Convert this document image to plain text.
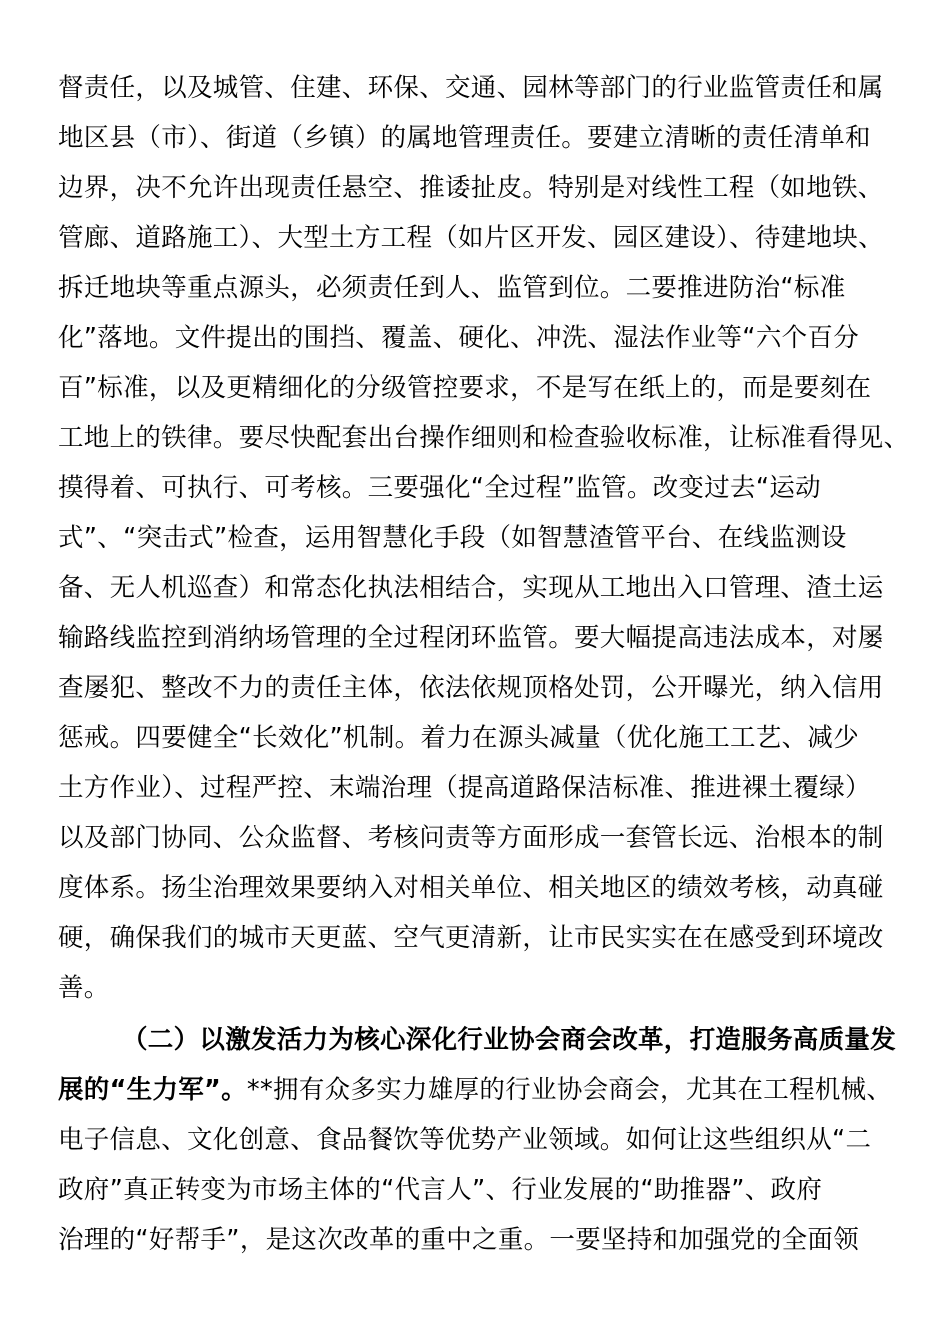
督责任，以及城管、住建、环保、交通、园林等部门的行业监管责任和属
地区县（市）、街道（乡镇）的属地管理责任。要建立清晰的责任清单和
边界，决不允许出现责任悬空、推诿扯皮。特别是对线性工程（如地铁、
管廊、道路施工）、大型土方工程（如片区开发、园区建设）、待建地块、
拆迁地块等重点源头，必须责任到人、监管到位。二要推进防治“标准
化”落地。文件提出的围挡、覆盖、硬化、冲洗、湿法作业等“六个百分
百”标准，以及更精细化的分级管控要求，不是写在纸上的，而是要刻在
工地上的铁律。要尽快配套出台操作细则和检查验收标准，让标准看得见、
摸得着、可执行、可考核。三要强化“全过程”监管。改变过去“运动
式”、“突击式”检查，运用智慧化手段（如智慧渣管平台、在线监测设
备、无人机巡查）和常态化执法相结合，实现从工地出入口管理、渣土运
输路线监控到消纳场管理的全过程闭环监管。要大幅提高违法成本，对屡
查屡犯、整改不力的责任主体，依法依规顶格处罚，公开曝光，纳入信用
惩戒。四要健全“长效化”机制。着力在源头减量（优化施工工艺、减少
土方作业）、过程严控、末端治理（提高道路保洁标准、推进裸土覆绿）
以及部门协同、公众监督、考核问责等方面形成一套管长远、治根本的制
度体系。扬尘治理效果要纳入对相关单位、相关地区的绩效考核，动真碰
硬，确保我们的城市天更蓝、空气更清新，让市民实实在在感受到环境改
善。
（二）以激发活力为核心深化行业协会商会改革，打造服务高质量发
展的“生力军”。**拥有众多实力雄厚的行业协会商会，尤其在工程机械、
电子信息、文化创意、食品餐饮等优势产业领域。如何让这些组织从“二
政府”真正转变为市场主体的“代言人”、行业发展的“助推器”、政府
治理的“好帮手”，是这次改革的重中之重。一要坚持和加强党的全面领
